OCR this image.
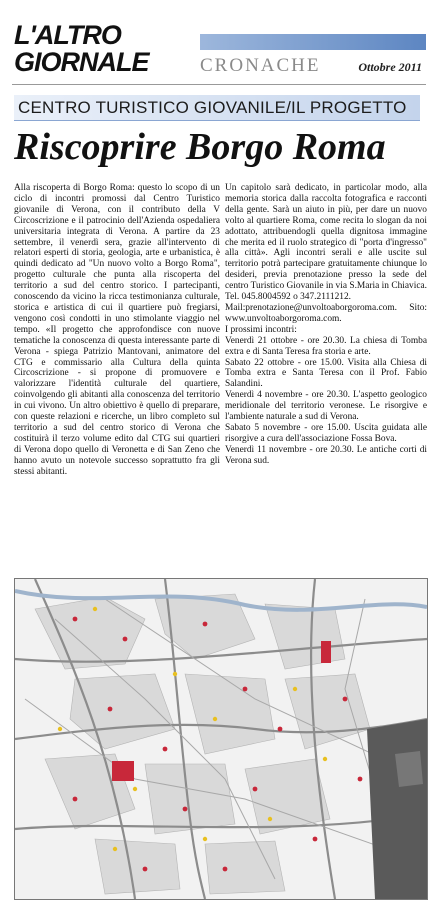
L'ALTRO
GIORNALE	CRONACHE	Ottobre 2011
CENTRO TURISTICO GIOVANILE/IL PROGETTO
Riscoprire Borgo Roma

Alla riscoperta di Borgo Roma: questo lo scopo di un ciclo di incontri promossi dal Centro Turistico giovanile di Verona, con il contributo della V Circoscrizione e il patrocinio dell'Azienda ospedaliera universitaria integrata di Verona. A partire da 23 settembre, il venerdì sera, grazie all'intervento di relatori esperti di storia, geologia, arte e urbanistica, è quindi dedicato ad "Un nuovo volto a Borgo Roma", progetto culturale che punta alla riscoperta del territorio a sud del centro storico. I partecipanti, conoscendo da vicino la ricca testimonianza culturale, storica e artistica di cui il quartiere può fregiarsi, vengono così condotti in uno stimolante viaggio nel tempo. «Il progetto che approfondisce con nuove tematiche la conoscenza di questa interessante parte di Verona - spiega Patrizio Mantovani, animatore del CTG e commissario alla Cultura della quinta Circoscrizione - si propone di promuovere e valorizzare l'identità culturale del quartiere, coinvolgendo gli abitanti alla conoscenza del territorio in cui vivono. Un altro obiettivo è quello di preparare, con queste relazioni e ricerche, un libro completo sul territorio a sud del centro storico di Verona che costituirà il terzo volume edito dal CTG sui quartieri di Verona dopo quello di Veronetta e di San Zeno che hanno avuto un notevole successo soprattutto fra gli stessi abitanti.

Un capitolo sarà dedicato, in particolar modo, alla memoria storica dalla raccolta fotografica e racconti della gente. Sarà un aiuto in più, per dare un nuovo volto al quartiere Roma, come recita lo slogan da noi adottato, attribuendogli quella dignitosa immagine che merita ed il ruolo strategico di "porta d'ingresso" alla città». Agli incontri serali e alle uscite sul territorio potrà partecipare gratuitamente chiunque lo desideri, previa prenotazione presso la sede del centro Turistico Giovanile in via S.Maria in Chiavica. Tel. 045.8004592 o 347.2111212.

Mail:prenotazione@unvoltoaborgoroma.com. Sito: www.unvoltoaborgoroma.com.

I prossimi incontri:

Venerdì 21 ottobre - ore 20.30. La chiesa di Tomba extra e di Santa Teresa fra storia e arte.

Sabato 22 ottobre - ore 15.00. Visita alla Chiesa di Tomba extra e Santa Teresa con il Prof. Fabio Salandini.

Venerdì 4 novembre - ore 20.30. L'aspetto geologico meridionale del territorio veronese. Le risorgive e l'ambiente naturale a sud di Verona.

Sabato 5 novembre - ore 15.00. Uscita guidata alle risorgive a cura dell'associazione Fossa Bova.

Venerdì 11 novembre - ore 20.30. Le antiche corti di Verona sud.
